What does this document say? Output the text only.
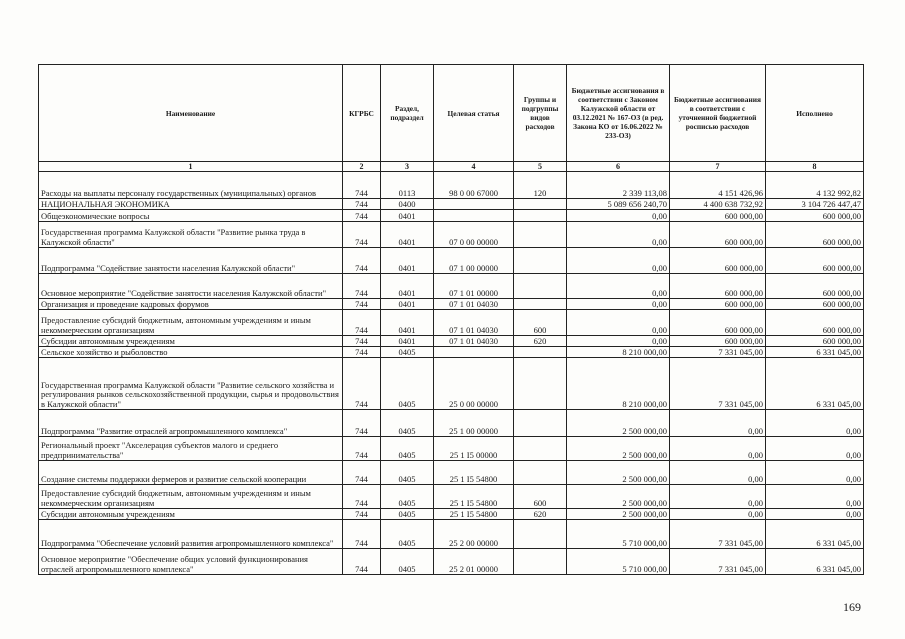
Наименование	КГРБС	Раздел, подраздел	Целевая статья	Группы и подгруппы видов расходов	Бюджетные ассигнования в соответствии с Законом Калужской области от 03.12.2021 № 167-ОЗ (в ред. Закона КО от 16.06.2022 № 233-ОЗ)	Бюджетные ассигнования в соответствии с уточненной бюджетной росписью расходов	Исполнено
1	2	3	4	5	6	7	8
Расходы на выплаты персоналу государственных (муниципальных) органов	744	0113	98 0 00 67000	120	2 339 113,08	4 151 426,96	4 132 992,82
НАЦИОНАЛЬНАЯ ЭКОНОМИКА	744	0400			5 089 656 240,70	4 400 638 732,92	3 104 726 447,47
Общеэкономические вопросы	744	0401			0,00	600 000,00	600 000,00
Государственная программа Калужской области "Развитие рынка труда в Калужской области"	744	0401	07 0 00 00000		0,00	600 000,00	600 000,00
Подпрограмма "Содействие занятости населения Калужской области"	744	0401	07 1 00 00000		0,00	600 000,00	600 000,00
Основное мероприятие "Содействие занятости населения Калужской области"	744	0401	07 1 01 00000		0,00	600 000,00	600 000,00
Организация и проведение кадровых форумов	744	0401	07 1 01 04030		0,00	600 000,00	600 000,00
Предоставление субсидий бюджетным, автономным учреждениям и иным некоммерческим организациям	744	0401	07 1 01 04030	600	0,00	600 000,00	600 000,00
Субсидии автономным учреждениям	744	0401	07 1 01 04030	620	0,00	600 000,00	600 000,00
Сельское хозяйство и рыболовство	744	0405			8 210 000,00	7 331 045,00	6 331 045,00
Государственная программа Калужской области "Развитие сельского хозяйства и регулирования рынков сельскохозяйственной продукции, сырья и продовольствия в Калужской области"	744	0405	25 0 00 00000		8 210 000,00	7 331 045,00	6 331 045,00
Подпрограмма "Развитие отраслей агропромышленного комплекса"	744	0405	25 1 00 00000		2 500 000,00	0,00	0,00
Региональный проект "Акселерация субъектов малого и среднего предпринимательства"	744	0405	25 1 I5 00000		2 500 000,00	0,00	0,00
Создание системы поддержки фермеров и развитие сельской кооперации	744	0405	25 1 I5 54800		2 500 000,00	0,00	0,00
Предоставление субсидий бюджетным, автономным учреждениям и иным некоммерческим организациям	744	0405	25 1 I5 54800	600	2 500 000,00	0,00	0,00
Субсидии автономным учреждениям	744	0405	25 1 I5 54800	620	2 500 000,00	0,00	0,00
Подпрограмма "Обеспечение условий развития агропромышленного комплекса"	744	0405	25 2 00 00000		5 710 000,00	7 331 045,00	6 331 045,00
Основное мероприятие "Обеспечение общих условий функционирования отраслей агропромышленного комплекса"	744	0405	25 2 01 00000		5 710 000,00	7 331 045,00	6 331 045,00
169
